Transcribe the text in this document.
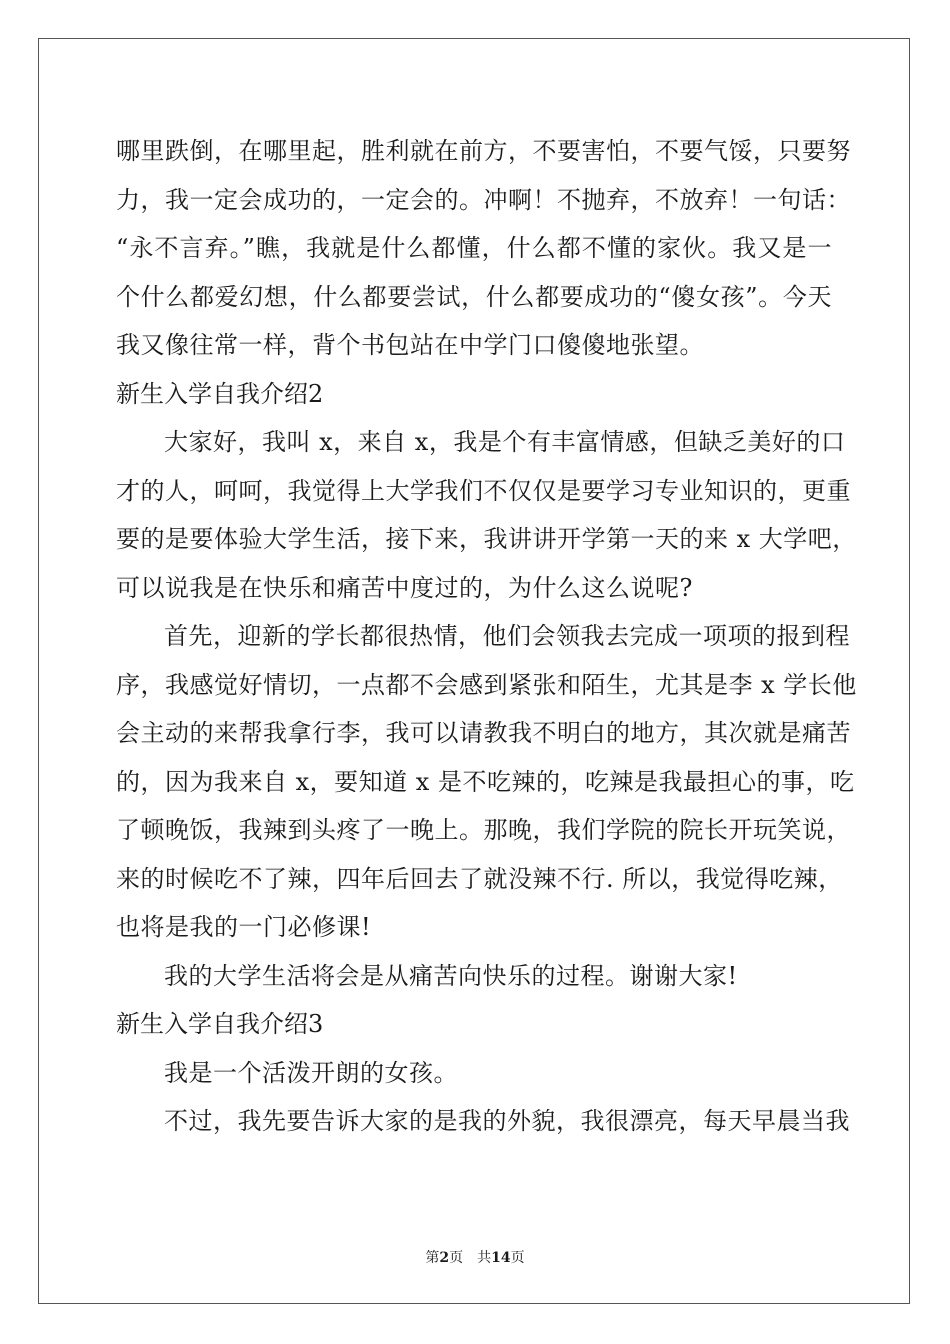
哪里跌倒，在哪里起，胜利就在前方，不要害怕，不要气馁，只要努
力，我一定会成功的，一定会的。冲啊！不抛弃，不放弃！一句话：
“永不言弃。”瞧，我就是什么都懂，什么都不懂的家伙。我又是一
个什么都爱幻想，什么都要尝试，什么都要成功的“傻女孩”。今天
我又像往常一样，背个书包站在中学门口傻傻地张望。
新生入学自我介绍2
大家好，我叫 x，来自 x，我是个有丰富情感，但缺乏美好的口
才的人，呵呵，我觉得上大学我们不仅仅是要学习专业知识的，更重
要的是要体验大学生活，接下来，我讲讲开学第一天的来 x 大学吧，
可以说我是在快乐和痛苦中度过的，为什么这么说呢?
首先，迎新的学长都很热情，他们会领我去完成一项项的报到程
序，我感觉好情切，一点都不会感到紧张和陌生，尤其是李 x 学长他
会主动的来帮我拿行李，我可以请教我不明白的地方，其次就是痛苦
的，因为我来自 x，要知道 x 是不吃辣的，吃辣是我最担心的事，吃
了顿晚饭，我辣到头疼了一晚上。那晚，我们学院的院长开玩笑说，
来的时候吃不了辣，四年后回去了就没辣不行. 所以，我觉得吃辣，
也将是我的一门必修课!
我的大学生活将会是从痛苦向快乐的过程。谢谢大家!
新生入学自我介绍3
我是一个活泼开朗的女孩。
不过，我先要告诉大家的是我的外貌，我很漂亮，每天早晨当我
第2页 共14页
